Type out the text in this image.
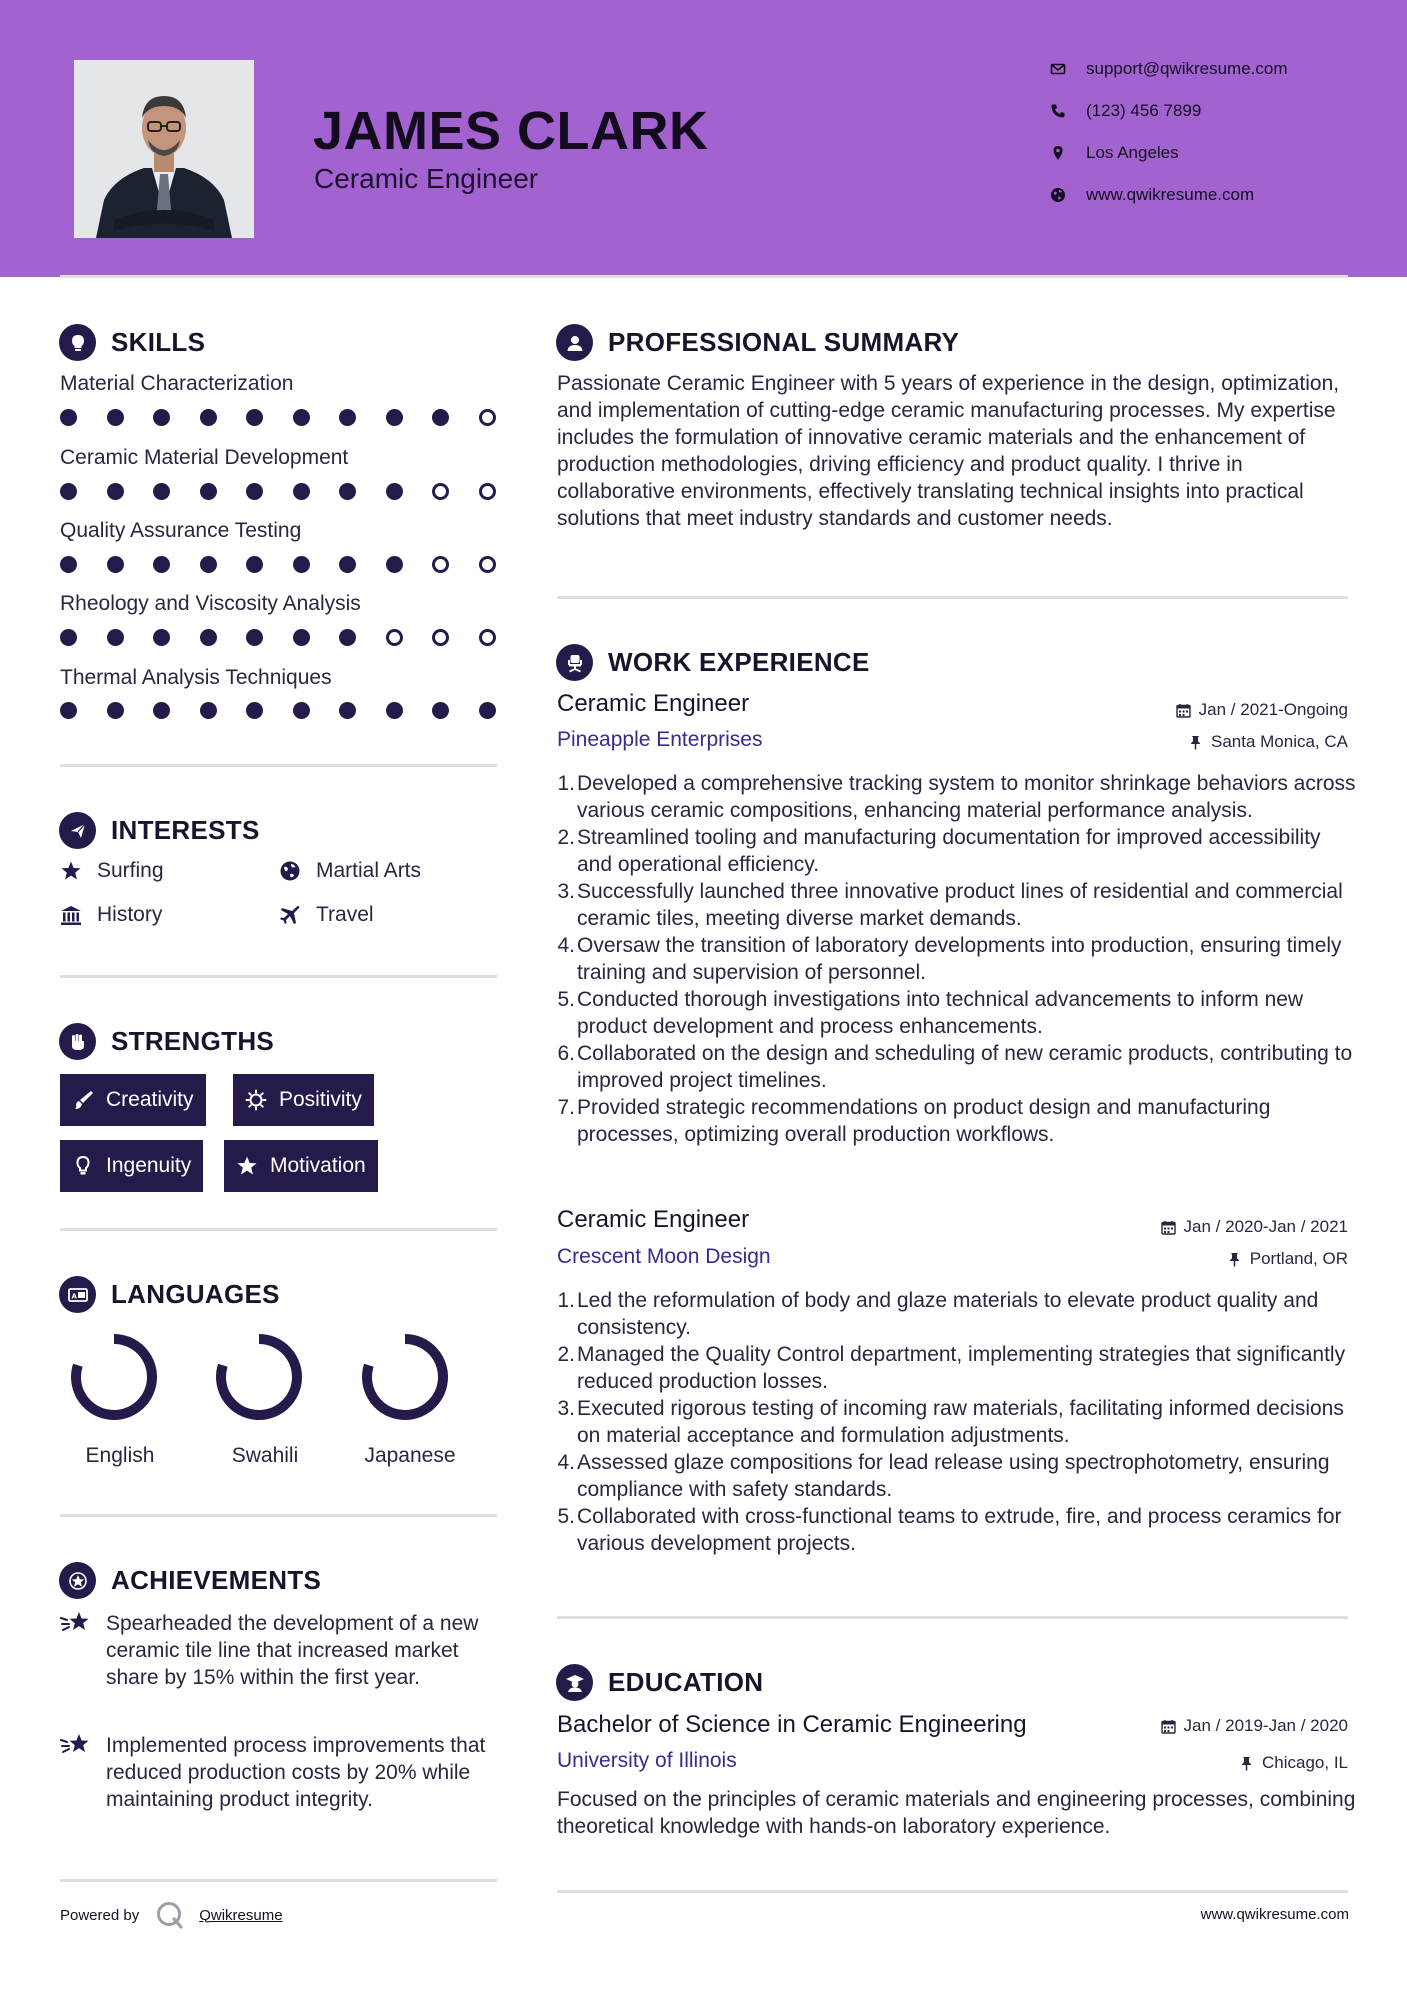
JAMES CLARK
Ceramic Engineer
support@qwikresume.com
(123) 456 7899
Los Angeles
www.qwikresume.com
SKILLS
Material Characterization
Ceramic Material Development
Quality Assurance Testing
Rheology and Viscosity Analysis
Thermal Analysis Techniques
INTERESTS
Surfing	Martial Arts
History	Travel
STRENGTHS
Creativity	Positivity
Ingenuity	Motivation
A LANGUAGES
English	Swahili	Japanese
ACHIEVEMENTS

Spearheaded the development of a new ceramic tile line that increased market share by 15% within the first year.

Implemented process improvements that reduced production costs by 20% while maintaining product integrity.

PROFESSIONAL SUMMARY
Passionate Ceramic Engineer with 5 years of experience in the design, optimization, and implementation of cutting-edge ceramic manufacturing processes. My expertise includes the formulation of innovative ceramic materials and the enhancement of production methodologies, driving efficiency and product quality. I thrive in collaborative environments, effectively translating technical insights into practical solutions that meet industry standards and customer needs.
WORK EXPERIENCE
Ceramic Engineer	Jan / 2021-Ongoing
Pineapple Enterprises	Santa Monica, CA
1. Developed a comprehensive tracking system to monitor shrinkage behaviors across various ceramic compositions, enhancing material performance analysis.
2. Streamlined tooling and manufacturing documentation for improved accessibility and operational efficiency.
3. Successfully launched three innovative product lines of residential and commercial ceramic tiles, meeting diverse market demands.
4. Oversaw the transition of laboratory developments into production, ensuring timely training and supervision of personnel.
5. Conducted thorough investigations into technical advancements to inform new product development and process enhancements.
6. Collaborated on the design and scheduling of new ceramic products, contributing to improved project timelines.
7. Provided strategic recommendations on product design and manufacturing processes, optimizing overall production workflows.
Ceramic Engineer	Jan / 2020-Jan / 2021
Crescent Moon Design	Portland, OR
1. Led the reformulation of body and glaze materials to elevate product quality and consistency.
2. Managed the Quality Control department, implementing strategies that significantly reduced production losses.
3. Executed rigorous testing of incoming raw materials, facilitating informed decisions on material acceptance and formulation adjustments.
4. Assessed glaze compositions for lead release using spectrophotometry, ensuring compliance with safety standards.
5. Collaborated with cross-functional teams to extrude, fire, and process ceramics for various development projects.
EDUCATION
Bachelor of Science in Ceramic Engineering	Jan / 2019-Jan / 2020
University of Illinois	Chicago, IL
Focused on the principles of ceramic materials and engineering processes, combining theoretical knowledge with hands-on laboratory experience.
Powered by	Qwikresume	www.qwikresume.com
